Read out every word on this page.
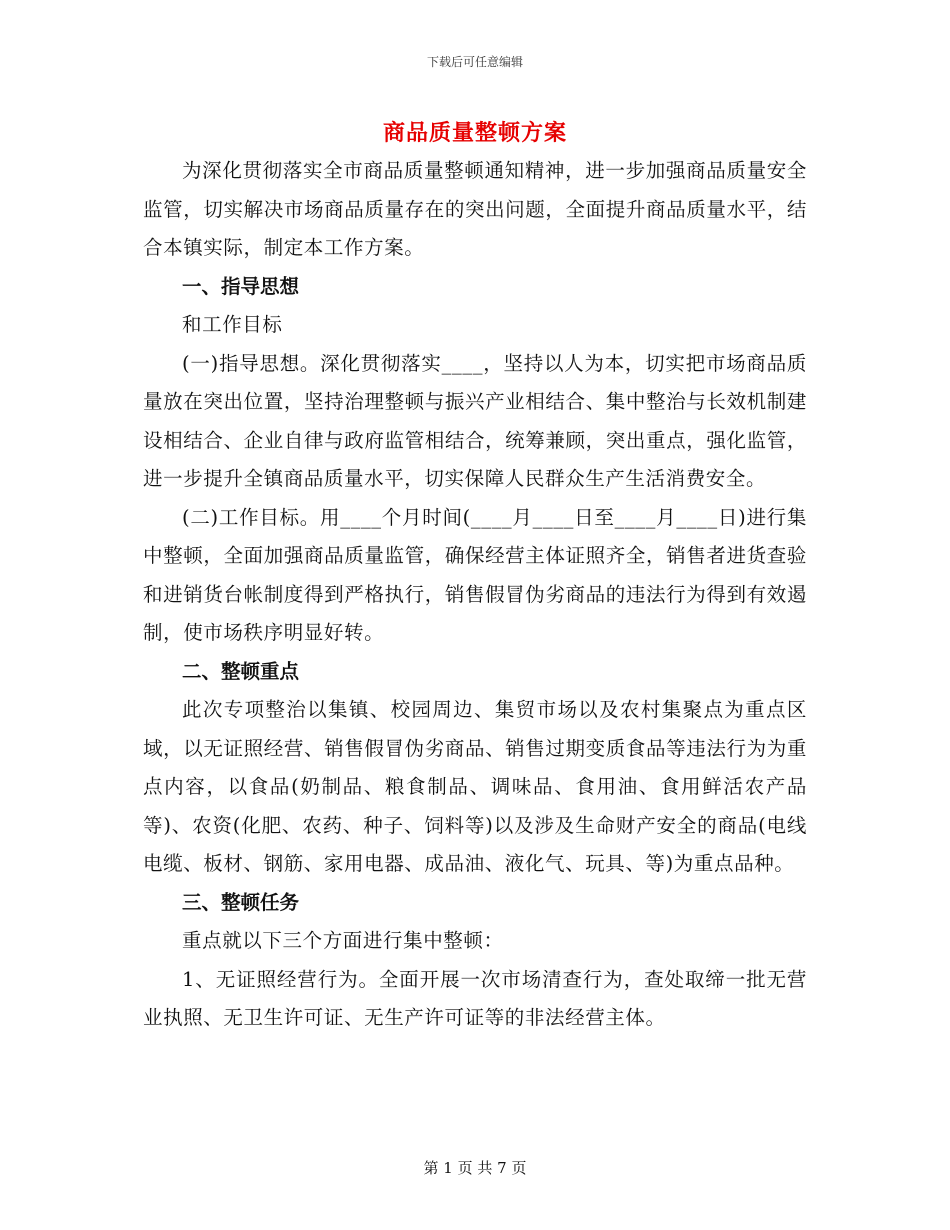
下载后可任意编辑
商品质量整顿方案

为深化贯彻落实全市商品质量整顿通知精神，进一步加强商品质量安全监管，切实解决市场商品质量存在的突出问题，全面提升商品质量水平，结合本镇实际，制定本工作方案。

一、指导思想

和工作目标

(一)指导思想。深化贯彻落实____，坚持以人为本，切实把市场商品质量放在突出位置，坚持治理整顿与振兴产业相结合、集中整治与长效机制建设相结合、企业自律与政府监管相结合，统筹兼顾，突出重点，强化监管，进一步提升全镇商品质量水平，切实保障人民群众生产生活消费安全。

(二)工作目标。用____个月时间(____月____日至____月____日)进行集中整顿，全面加强商品质量监管，确保经营主体证照齐全，销售者进货查验和进销货台帐制度得到严格执行，销售假冒伪劣商品的违法行为得到有效遏制，使市场秩序明显好转。

二、整顿重点

此次专项整治以集镇、校园周边、集贸市场以及农村集聚点为重点区域，以无证照经营、销售假冒伪劣商品、销售过期变质食品等违法行为为重点内容，以食品(奶制品、粮食制品、调味品、食用油、食用鲜活农产品等)、农资(化肥、农药、种子、饲料等)以及涉及生命财产安全的商品(电线电缆、板材、钢筋、家用电器、成品油、液化气、玩具、等)为重点品种。

三、整顿任务

重点就以下三个方面进行集中整顿：

1、无证照经营行为。全面开展一次市场清查行为，查处取缔一批无营业执照、无卫生许可证、无生产许可证等的非法经营主体。

第 1 页 共 7 页
